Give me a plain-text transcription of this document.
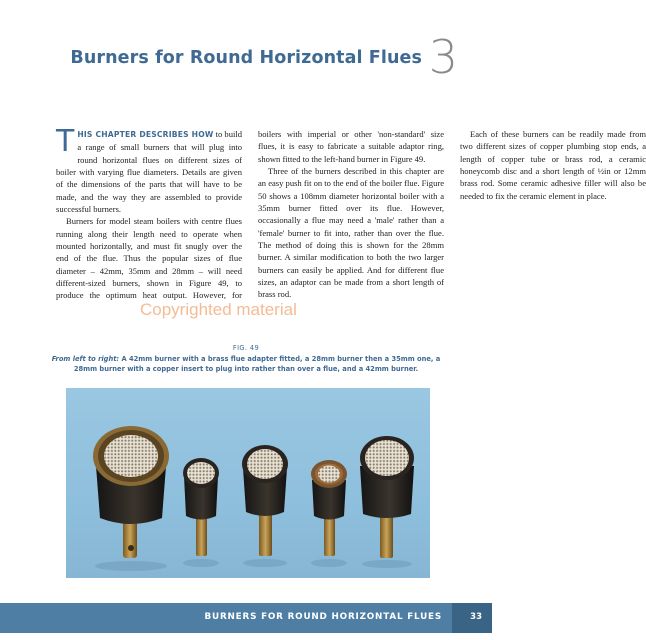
Burners for Round Horizontal Flues 3

THIS CHAPTER DESCRIBES HOW to build a range of small burners that will plug into round horizontal flues on different sizes of boiler with varying flue diameters. Details are given of the dimensions of the parts that will have to be made, and the way they are assembled to provide successful burners.

Burners for model steam boilers with centre flues running along their length need to operate when mounted horizontally, and must fit snugly over the end of the flue. Thus the popular sizes of flue diameter – 42mm, 35mm and 28mm – will need different-sized burners, shown in Figure 49, to produce the optimum heat output. However, for boilers with imperial or other 'non-standard' size flues, it is easy to fabricate a suitable adaptor ring, shown fitted to the left-hand burner in Figure 49.

Three of the burners described in this chapter are an easy push fit on to the end of the boiler flue. Figure 50 shows a 108mm diameter horizontal boiler with a 35mm burner fitted over its flue. However, occasionally a flue may need a 'male' rather than a 'female' burner to fit into, rather than over the flue. The method of doing this is shown for the 28mm burner. A similar modification to both the two larger burners can easily be applied. And for different flue sizes, an adaptor can be made from a short length of brass rod.

Each of these burners can be readily made from two different sizes of copper plumbing stop ends, a length of copper tube or brass rod, a ceramic honeycomb disc and a short length of ½in or 12mm brass rod. Some ceramic adhesive filler will also be needed to fix the ceramic element in place.

Copyrighted material
FIG. 49
From left to right: A 42mm burner with a brass flue adapter fitted, a 28mm burner then a 35mm one, a 28mm burner with a copper insert to plug into rather than over a flue, and a 42mm burner.
BURNERS FOR ROUND HORIZONTAL FLUES	33
